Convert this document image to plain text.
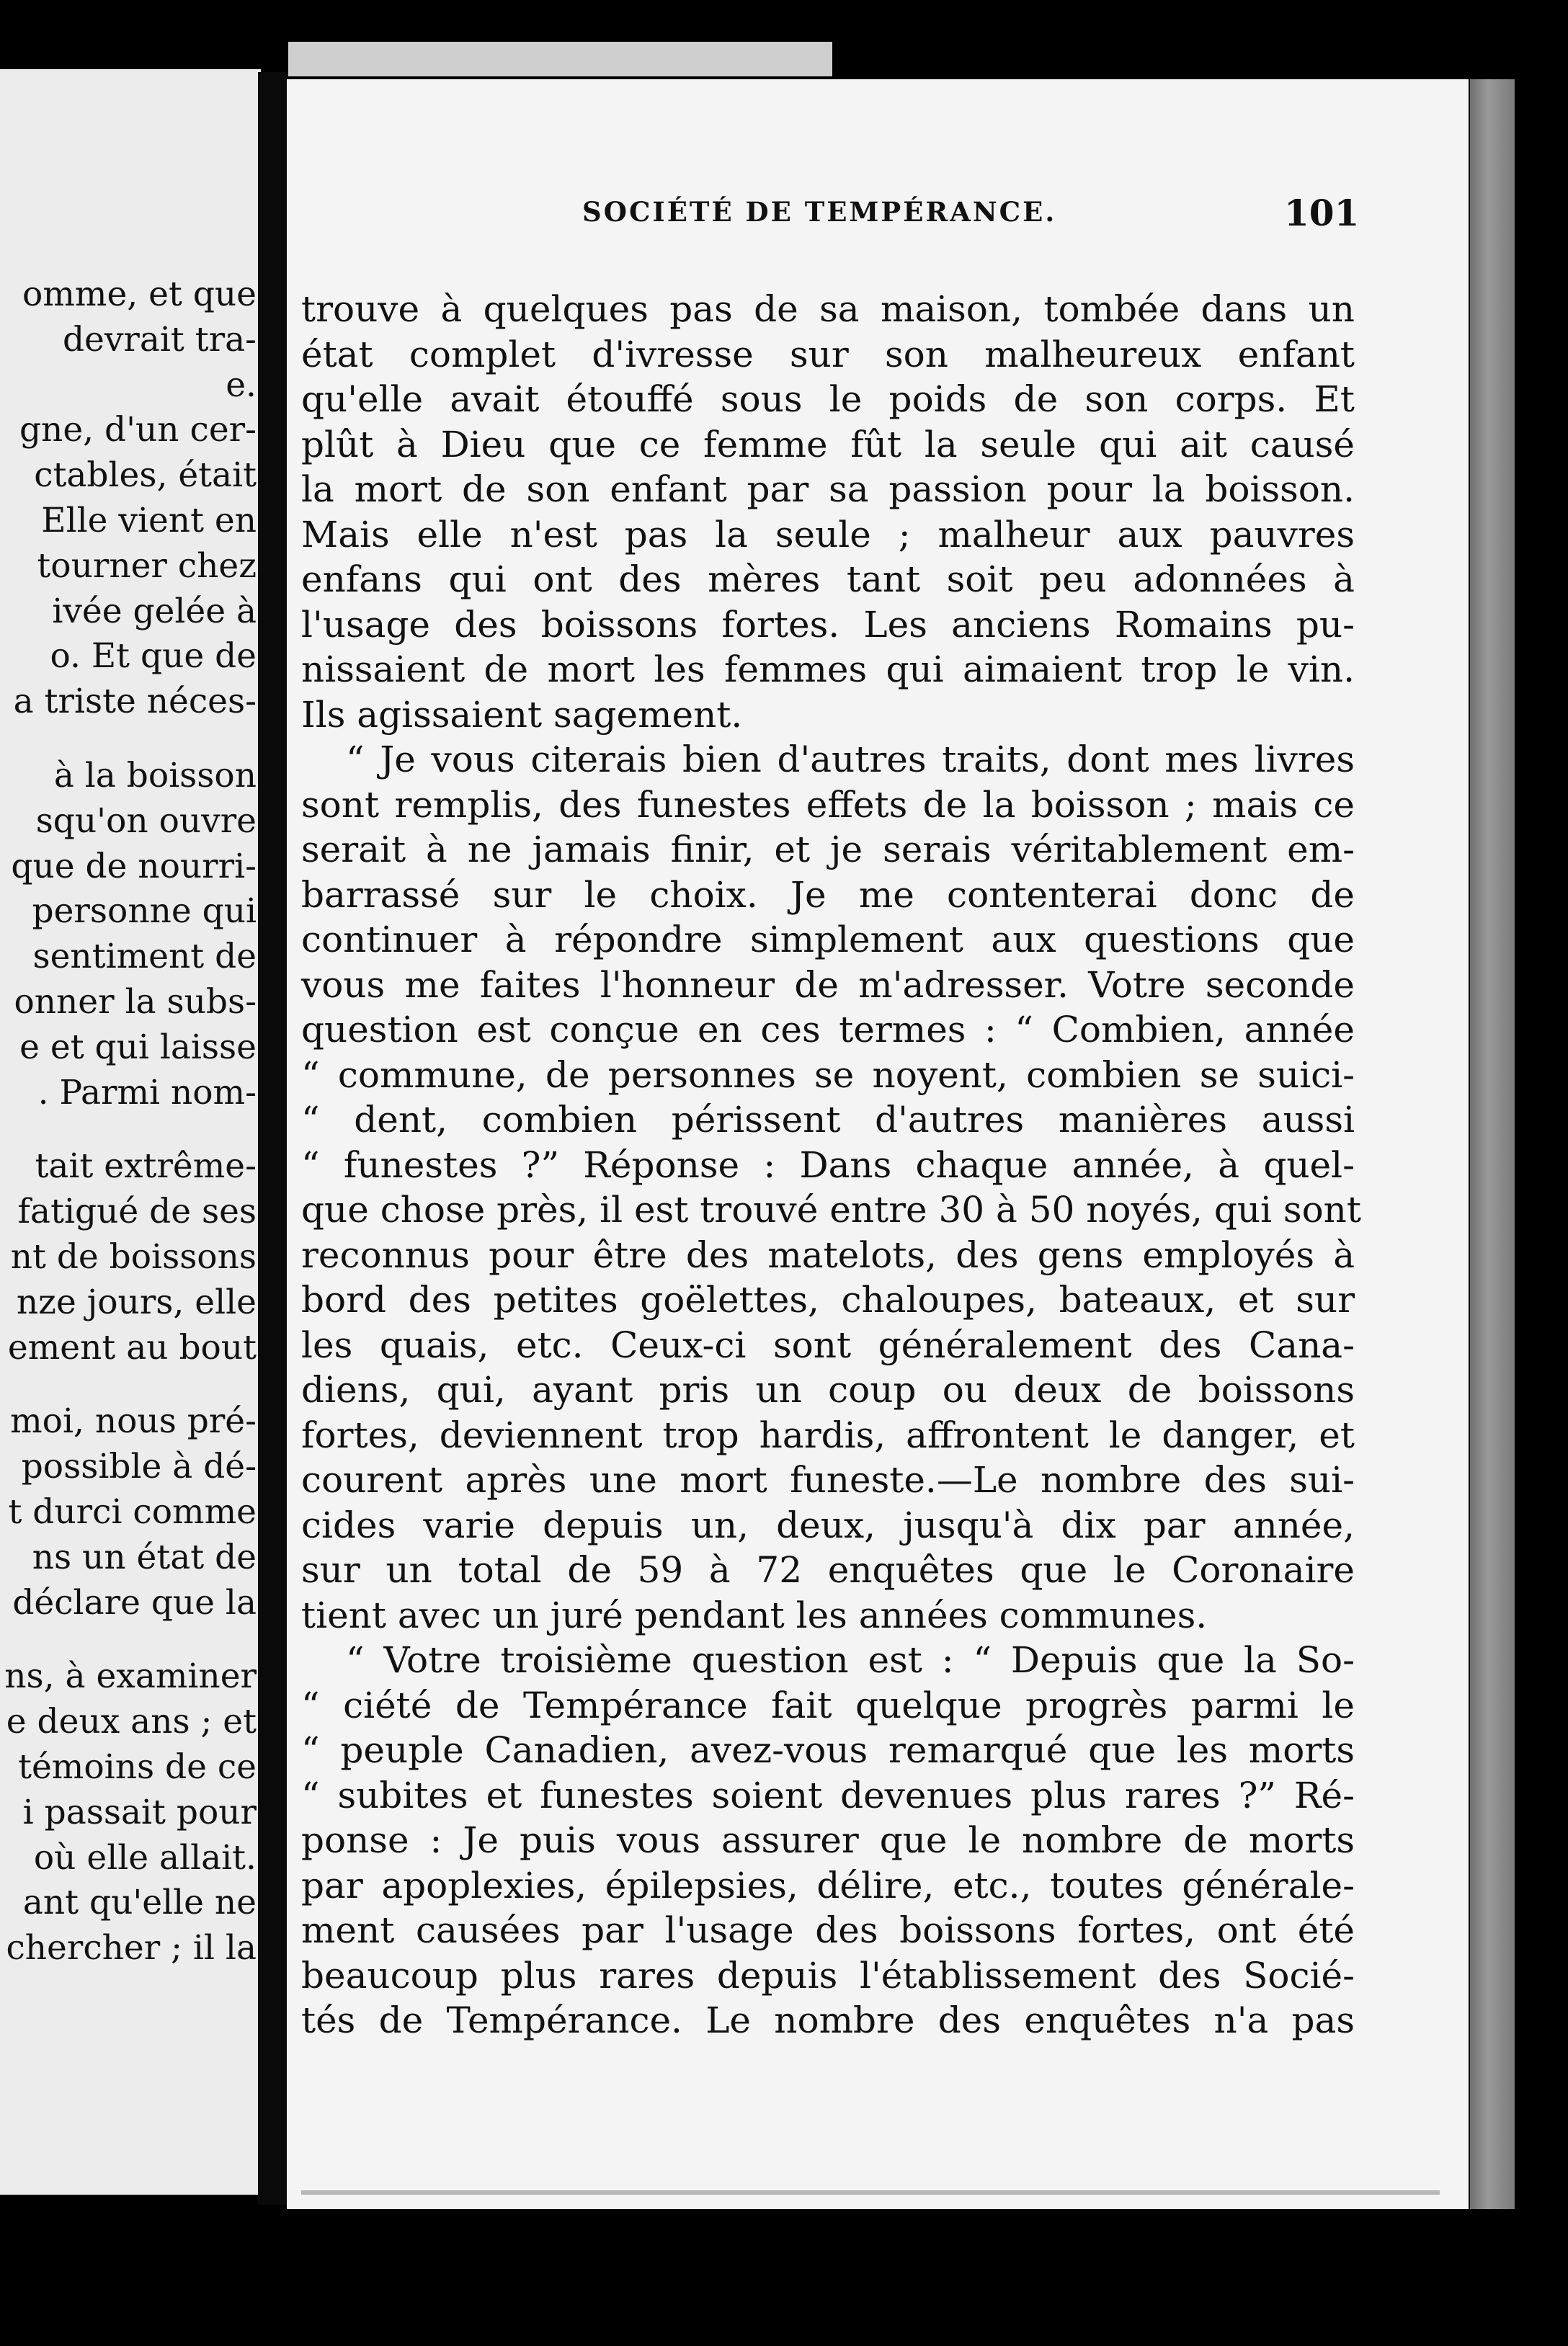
omme, et que
devrait tra-
e.
gne, d'un cer-
ctables, était
Elle vient en
tourner chez
ivée gelée à
o. Et que de
a triste néces-
à la boisson
squ'on ouvre
que de nourri-
personne qui
sentiment de
onner la subs-
e et qui laisse
. Parmi nom-
tait extrême-
fatigué de ses
nt de boissons
nze jours, elle
ement au bout
moi, nous pré-
possible à dé-
t durci comme
ns un état de
déclare que la
ns, à examiner
e deux ans ; et
témoins de ce
i passait pour
où elle allait.
ant qu'elle ne
chercher ; il la
SOCIÉTÉ DE TEMPÉRANCE.	101
trouve à quelques pas de sa maison, tombée dans un
état complet d'ivresse sur son malheureux enfant
qu'elle avait étouffé sous le poids de son corps. Et
plût à Dieu que ce femme fût la seule qui ait causé
la mort de son enfant par sa passion pour la boisson.
Mais elle n'est pas la seule ; malheur aux pauvres
enfans qui ont des mères tant soit peu adonnées à
l'usage des boissons fortes. Les anciens Romains pu-
nissaient de mort les femmes qui aimaient trop le vin.
Ils agissaient sagement.
“ Je vous citerais bien d'autres traits, dont mes livres
sont remplis, des funestes effets de la boisson ; mais ce
serait à ne jamais finir, et je serais véritablement em-
barrassé sur le choix. Je me contenterai donc de
continuer à répondre simplement aux questions que
vous me faites l'honneur de m'adresser. Votre seconde
question est conçue en ces termes : “ Combien, année
“ commune, de personnes se noyent, combien se suici-
“ dent, combien périssent d'autres manières aussi
“ funestes ?” Réponse : Dans chaque année, à quel-
que chose près, il est trouvé entre 30 à 50 noyés, qui sont
reconnus pour être des matelots, des gens employés à
bord des petites goëlettes, chaloupes, bateaux, et sur
les quais, etc. Ceux-ci sont généralement des Cana-
diens, qui, ayant pris un coup ou deux de boissons
fortes, deviennent trop hardis, affrontent le danger, et
courent après une mort funeste.—Le nombre des sui-
cides varie depuis un, deux, jusqu'à dix par année,
sur un total de 59 à 72 enquêtes que le Coronaire
tient avec un juré pendant les années communes.
“ Votre troisième question est : “ Depuis que la So-
“ ciété de Tempérance fait quelque progrès parmi le
“ peuple Canadien, avez-vous remarqué que les morts
“ subites et funestes soient devenues plus rares ?” Ré-
ponse : Je puis vous assurer que le nombre de morts
par apoplexies, épilepsies, délire, etc., toutes générale-
ment causées par l'usage des boissons fortes, ont été
beaucoup plus rares depuis l'établissement des Socié-
tés de Tempérance. Le nombre des enquêtes n'a pas
